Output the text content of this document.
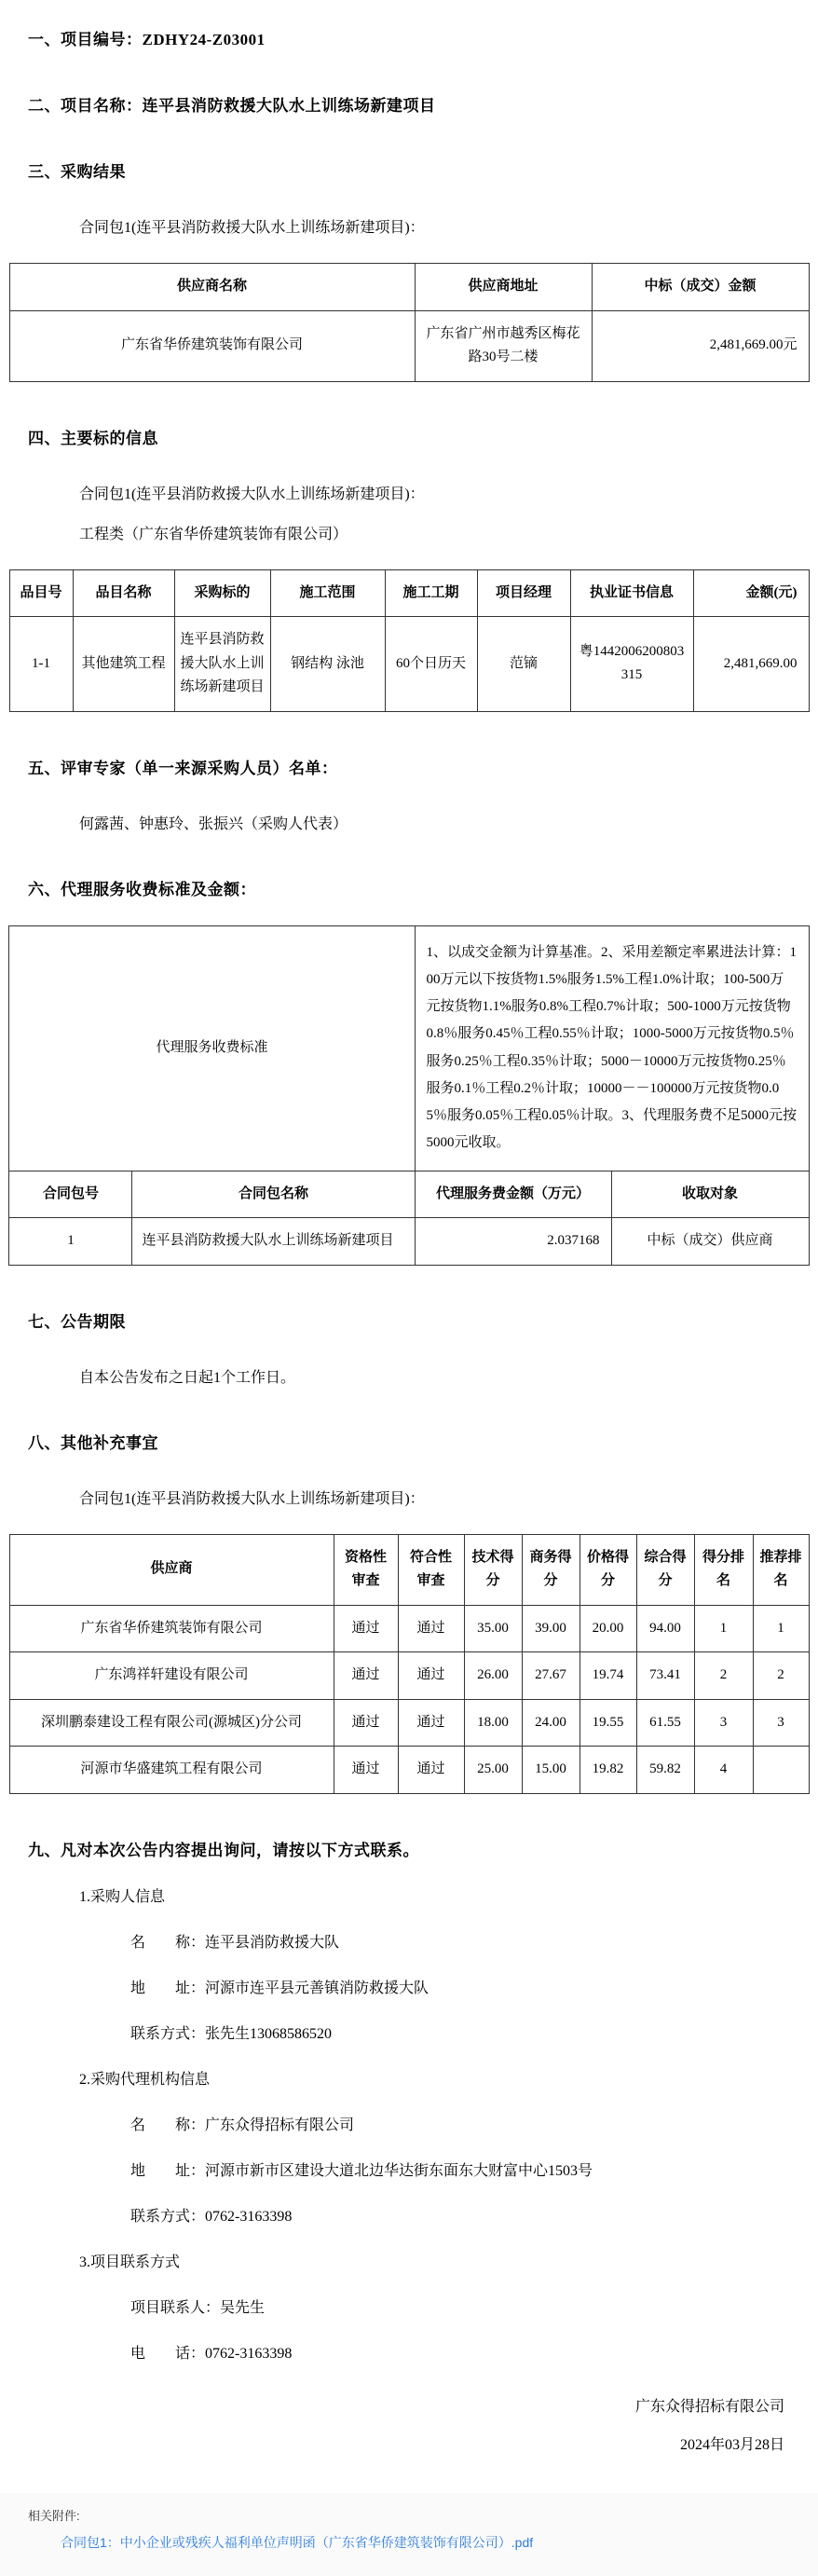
一、项目编号：ZDHY24-Z03001
二、项目名称：连平县消防救援大队水上训练场新建项目
三、采购结果
合同包1(连平县消防救援大队水上训练场新建项目)：
供应商名称	供应商地址	中标（成交）金额
广东省华侨建筑装饰有限公司	广东省广州市越秀区梅花路30号二楼	2,481,669.00元
四、主要标的信息
合同包1(连平县消防救援大队水上训练场新建项目)：
工程类（广东省华侨建筑装饰有限公司）
品目号	品目名称	采购标的	施工范围	施工工期	项目经理	执业证书信息	金额(元)
1-1	其他建筑工程	连平县消防救援大队水上训练场新建项目	钢结构 泳池	60个日历天	范镝	粤1442006200803315	2,481,669.00
五、评审专家（单一来源采购人员）名单：
何露茜、钟惠玲、张振兴（采购人代表）
六、代理服务收费标准及金额：
代理服务收费标准		1、以成交金额为计算基准。2、采用差额定率累进法计算：100万元以下按货物1.5%服务1.5%工程1.0%计取；100-500万元按货物1.1%服务0.8%工程0.7%计取；500-1000万元按货物0.8％服务0.45％工程0.55％计取；1000-5000万元按货物0.5％服务0.25％工程0.35％计取；5000－10000万元按货物0.25％服务0.1％工程0.2％计取；10000－－100000万元按货物0.05％服务0.05％工程0.05％计取。3、代理服务费不足5000元按5000元收取。	
合同包号	合同包名称	代理服务费金额（万元）	收取对象
1	连平县消防救援大队水上训练场新建项目	2.037168	中标（成交）供应商
七、公告期限
自本公告发布之日起1个工作日。
八、其他补充事宜
合同包1(连平县消防救援大队水上训练场新建项目)：
供应商	资格性审查	符合性审查	技术得分	商务得分	价格得分	综合得分	得分排名	推荐排名
广东省华侨建筑装饰有限公司	通过	通过	35.00	39.00	20.00	94.00	1	1
广东鸿祥轩建设有限公司	通过	通过	26.00	27.67	19.74	73.41	2	2
深圳鹏泰建设工程有限公司(源城区)分公司	通过	通过	18.00	24.00	19.55	61.55	3	3
河源市华盛建筑工程有限公司	通过	通过	25.00	15.00	19.82	59.82	4	
九、凡对本次公告内容提出询问，请按以下方式联系。
1.采购人信息
名　　称：连平县消防救援大队
地　　址：河源市连平县元善镇消防救援大队
联系方式：张先生13068586520
2.采购代理机构信息
名　　称：广东众得招标有限公司
地　　址：河源市新市区建设大道北边华达街东面东大财富中心1503号
联系方式：0762-3163398
3.项目联系方式
项目联系人：吴先生
电　　话：0762-3163398
广东众得招标有限公司
2024年03月28日
相关附件:
合同包1：中小企业或残疾人福利单位声明函（广东省华侨建筑装饰有限公司）.pdf
